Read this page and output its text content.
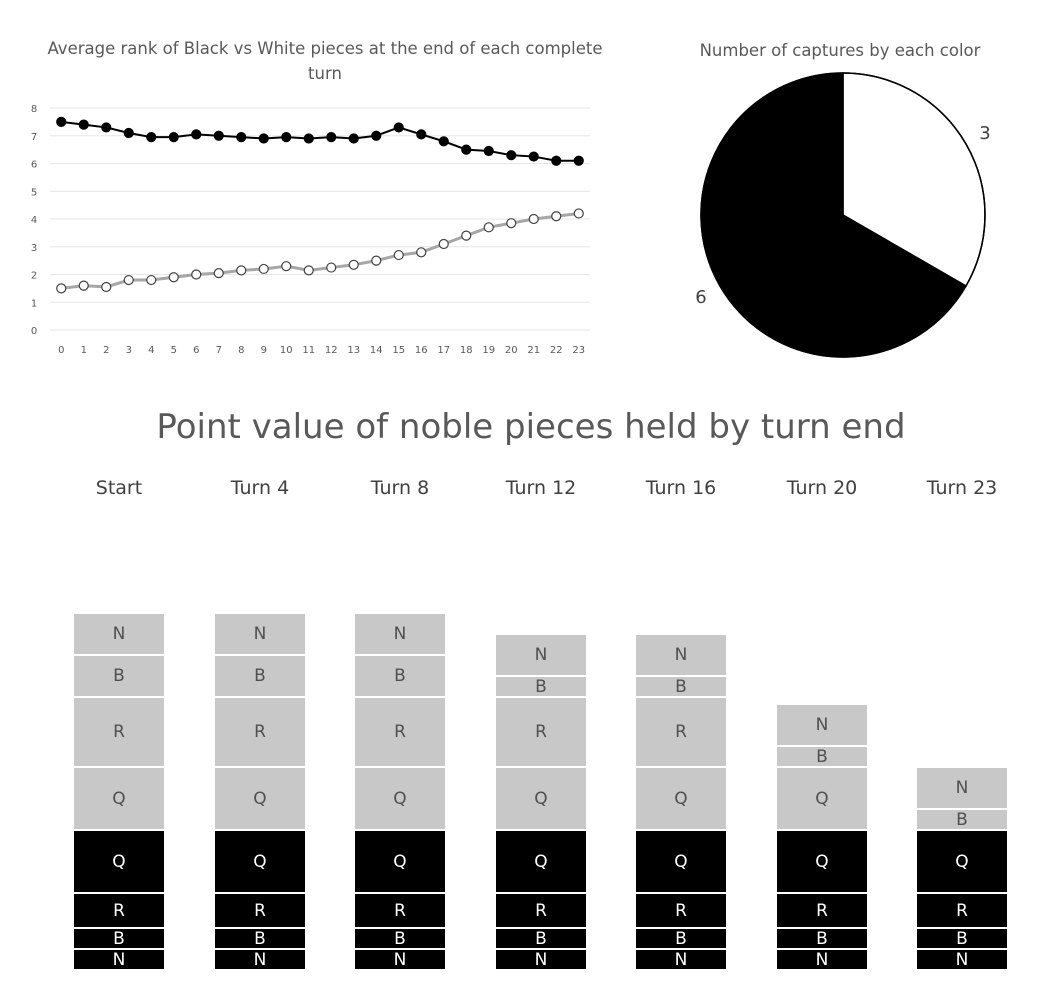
Average rank of Black vs White pieces at the end of each complete turn
0
1
2
3
4
5
6
7
8
0 1 2 3 4 5 6 7 8 9 10 11 12 13 14 15 16 17 18 19 20 21 22 23
Number of captures by each color
3
6
Point value of noble pieces held by turn end
Start
N
B
R
Q
Q
R
B
N
Turn 4
N
B
R
Q
Q
R
B
N
Turn 8
N
B
R
Q
Q
R
B
N
Turn 12
N
B
R
Q
Q
R
B
N
Turn 16
N
B
R
Q
Q
R
B
N
Turn 20
N
B
R
Q
Q
B
N
Turn 23
N
B
R
Q
B
N
